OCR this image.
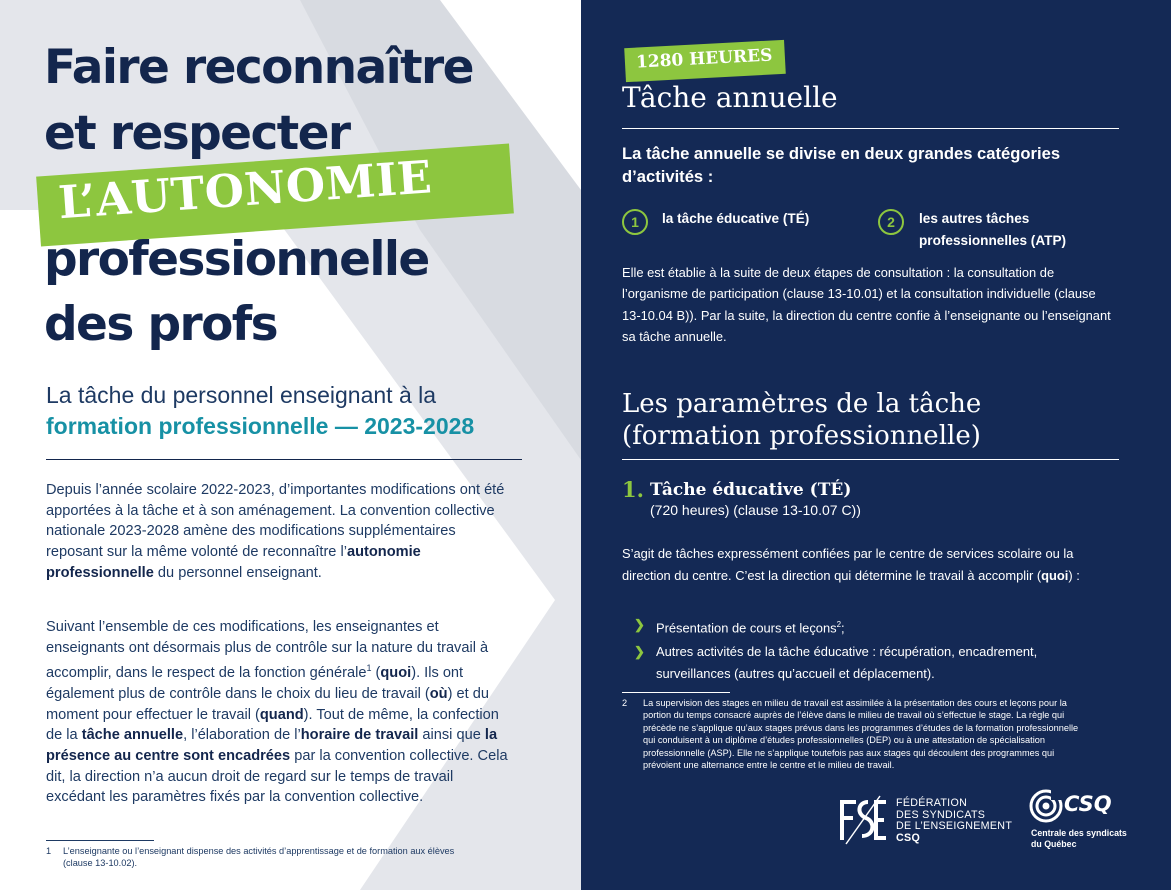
Faire reconnaître
et respecter
L’AUTONOMIE
professionnelle
des profs
La tâche du personnel enseignant à la
formation professionnelle — 2023-2028

Depuis l’année scolaire 2022-2023, d’importantes modifications ont été apportées à la tâche et à son aménagement. La convention collective nationale 2023-2028 amène des modifications supplémentaires reposant sur la même volonté de reconnaître l’autonomie professionnelle du personnel enseignant.

Suivant l’ensemble de ces modifications, les enseignantes et enseignants ont désormais plus de contrôle sur la nature du travail à accomplir, dans le respect de la fonction générale$^1$ (quoi). Ils ont également plus de contrôle dans le choix du lieu de travail (où) et du moment pour effectuer le travail (quand). Tout de même, la confection de la tâche annuelle, l’élaboration de l’horaire de travail ainsi que la présence au centre sont encadrées par la convention collective. Cela dit, la direction n’a aucun droit de regard sur le temps de travail excédant les paramètres fixés par la convention collective.

1 L’enseignante ou l’enseignant dispense des activités d’apprentissage et de formation aux élèves (clause 13-10.02).
1280 HEURES
Tâche annuelle
La tâche annuelle se divise en deux grandes catégories d’activités :
1	la tâche éducative (TÉ)	2	les autres tâches professionnelles (ATP)

Elle est établie à la suite de deux étapes de consultation : la consultation de l’organisme de participation (clause 13-10.01) et la consultation individuelle (clause 13-10.04 B)). Par la suite, la direction du centre confie à l’enseignante ou l’enseignant sa tâche annuelle.

Les paramètres de la tâche (formation professionnelle)
1. Tâche éducative (TÉ)
(720 heures) (clause 13-10.07 C))

S’agit de tâches expressément confiées par le centre de services scolaire ou la direction du centre. C’est la direction qui détermine le travail à accomplir (quoi) :

❯ Présentation de cours et leçons$^2$;
❯ Autres activités de la tâche éducative : récupération, encadrement, surveillances (autres qu’accueil et déplacement).
2 La supervision des stages en milieu de travail est assimilée à la présentation des cours et leçons pour la portion du temps consacré auprès de l’élève dans le milieu de travail où s’effectue le stage. La règle qui précède ne s’applique qu’aux stages prévus dans les programmes d’études de la formation professionnelle qui conduisent à un diplôme d’études professionnelles (DEP) ou à une attestation de spécialisation professionnelle (ASP). Elle ne s’applique toutefois pas aux stages qui découlent des programmes qui prévoient une alternance entre le centre et le milieu de travail.
FÉDÉRATION
DES SYNDICATS
DE L’ENSEIGNEMENT
CSQ
CSQ
Centrale des syndicats
du Québec
